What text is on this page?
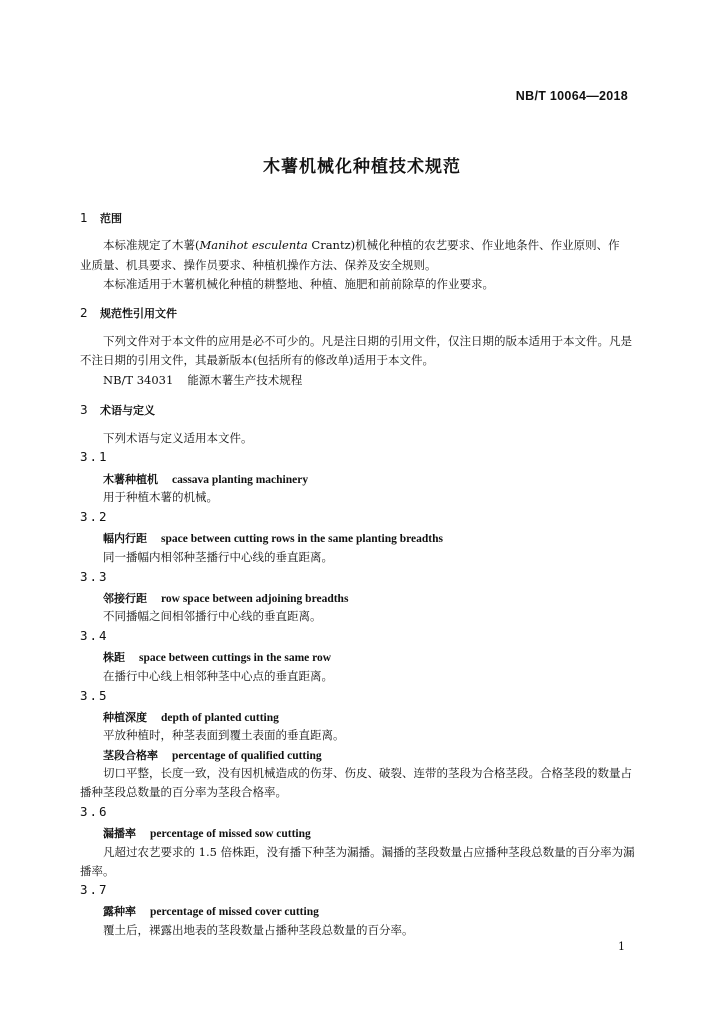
NB/T 10064—2018
木薯机械化种植技术规范
1 范围
本标准规定了木薯(Manihot esculenta Crantz)机械化种植的农艺要求、作业地条件、作业原则、作
业质量、机具要求、操作员要求、种植机操作方法、保养及安全规则。
本标准适用于木薯机械化种植的耕整地、种植、施肥和前前除草的作业要求。
2 规范性引用文件
下列文件对于本文件的应用是必不可少的。凡是注日期的引用文件，仅注日期的版本适用于本文件。凡是不注日期的引用文件，其最新版本(包括所有的修改单)适用于本文件。
NB/T 34031 能源木薯生产技术规程
3 术语与定义
下列术语与定义适用本文件。
3.1
木薯种植机 cassava planting machinery
用于种植木薯的机械。
3.2
幅内行距 space between cutting rows in the same planting breadths
同一播幅内相邻种茎播行中心线的垂直距离。
3.3
邻接行距 row space between adjoining breadths
不同播幅之间相邻播行中心线的垂直距离。
3.4
株距 space between cuttings in the same row
在播行中心线上相邻种茎中心点的垂直距离。
3.5
种植深度 depth of planted cutting
平放种植时，种茎表面到覆土表面的垂直距离。
茎段合格率 percentage of qualified cutting
切口平整，长度一致，没有因机械造成的伤芽、伤皮、破裂、连带的茎段为合格茎段。合格茎段的数量占播种茎段总数量的百分率为茎段合格率。
3.6
漏播率 percentage of missed sow cutting
凡超过农艺要求的 1.5 倍株距，没有播下种茎为漏播。漏播的茎段数量占应播种茎段总数量的百分率为漏播率。
3.7
露种率 percentage of missed cover cutting
覆土后，裸露出地表的茎段数量占播种茎段总数量的百分率。
1
